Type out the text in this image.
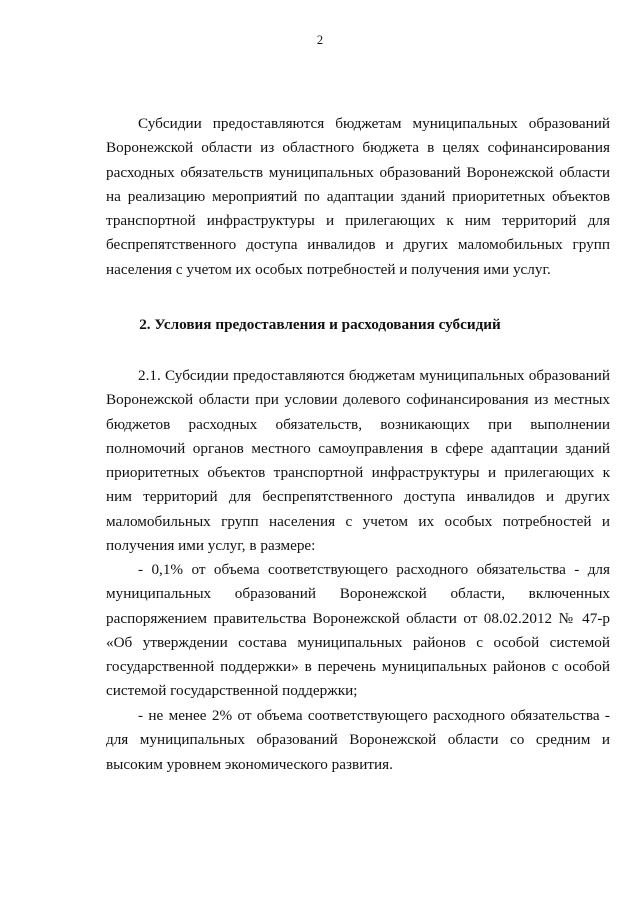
2
Субсидии предоставляются бюджетам муниципальных образований
Воронежской области из областного бюджета в целях софинансирования
расходных обязательств муниципальных образований Воронежской области
на реализацию мероприятий по адаптации зданий приоритетных объектов
транспортной инфраструктуры и прилегающих к ним территорий для
беспрепятственного доступа инвалидов и других маломобильных групп
населения с учетом их особых потребностей и получения ими услуг.
2. Условия предоставления и расходования субсидий
2.1. Субсидии предоставляются бюджетам муниципальных образований
Воронежской области при условии долевого софинансирования из местных
бюджетов расходных обязательств, возникающих при выполнении
полномочий органов местного самоуправления в сфере адаптации зданий
приоритетных объектов транспортной инфраструктуры и прилегающих к
ним территорий для беспрепятственного доступа инвалидов и других
маломобильных групп населения с учетом их особых потребностей и
получения ими услуг, в размере:
- 0,1% от объема соответствующего расходного обязательства - для
муниципальных образований Воронежской области, включенных
распоряжением правительства Воронежской области от 08.02.2012 № 47-р
«Об утверждении состава муниципальных районов с особой системой
государственной поддержки» в перечень муниципальных районов с особой
системой государственной поддержки;
- не менее 2% от объема соответствующего расходного обязательства -
для муниципальных образований Воронежской области со средним и
высоким уровнем экономического развития.
